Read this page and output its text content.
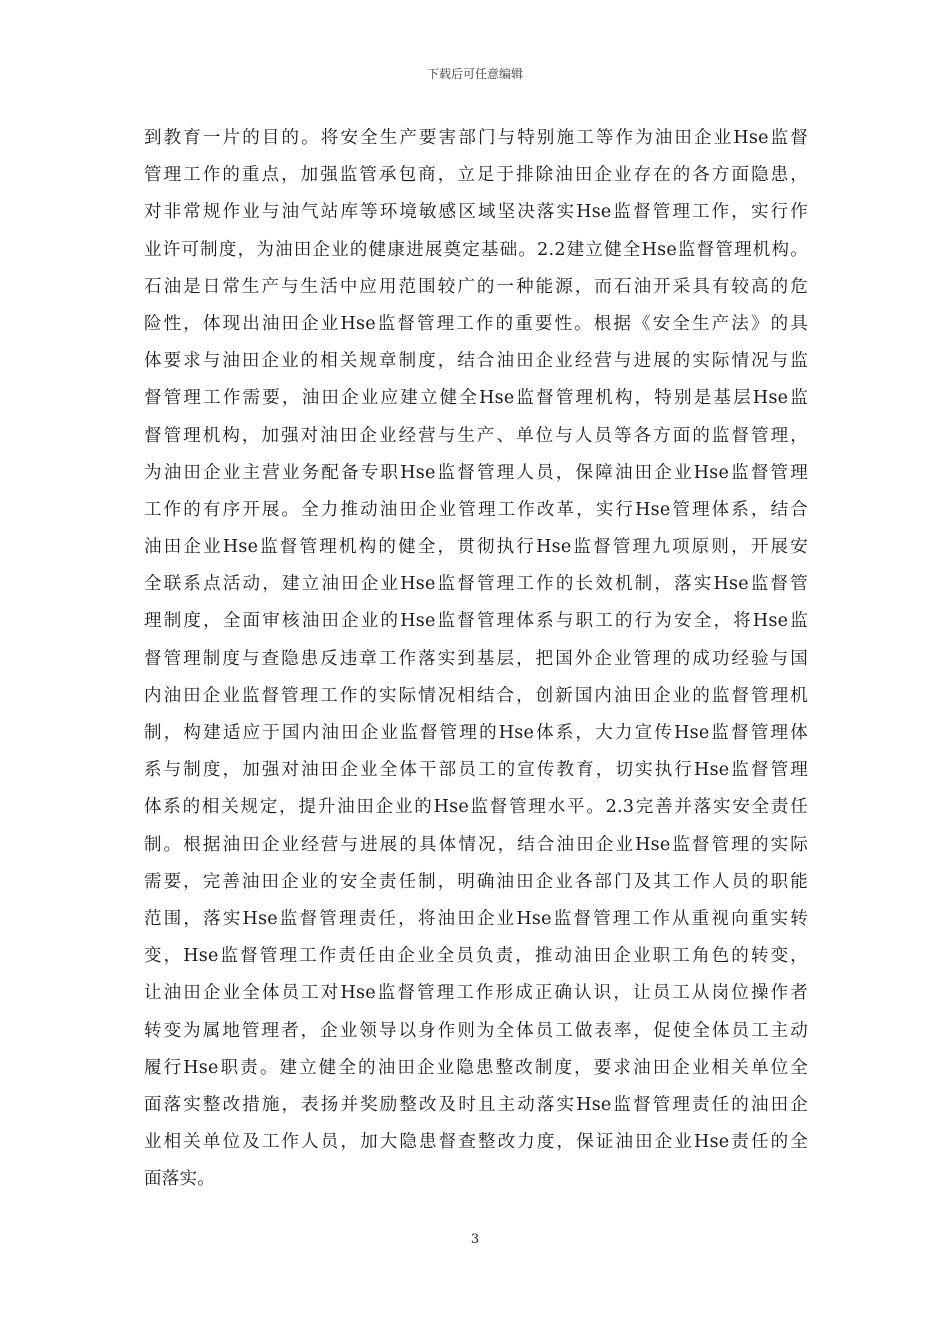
下载后可任意编辑
到教育一片的目的。将安全生产要害部门与特别施工等作为油田企业Hse监督
管理工作的重点，加强监管承包商，立足于排除油田企业存在的各方面隐患，
对非常规作业与油气站库等环境敏感区域坚决落实Hse监督管理工作，实行作
业许可制度，为油田企业的健康进展奠定基础。2.2建立健全Hse监督管理机构。
石油是日常生产与生活中应用范围较广的一种能源，而石油开采具有较高的危
险性，体现出油田企业Hse监督管理工作的重要性。根据《安全生产法》的具
体要求与油田企业的相关规章制度，结合油田企业经营与进展的实际情况与监
督管理工作需要，油田企业应建立健全Hse监督管理机构，特别是基层Hse监
督管理机构，加强对油田企业经营与生产、单位与人员等各方面的监督管理，
为油田企业主营业务配备专职Hse监督管理人员，保障油田企业Hse监督管理
工作的有序开展。全力推动油田企业管理工作改革，实行Hse管理体系，结合
油田企业Hse监督管理机构的健全，贯彻执行Hse监督管理九项原则，开展安
全联系点活动，建立油田企业Hse监督管理工作的长效机制，落实Hse监督管
理制度，全面审核油田企业的Hse监督管理体系与职工的行为安全，将Hse监
督管理制度与查隐患反违章工作落实到基层，把国外企业管理的成功经验与国
内油田企业监督管理工作的实际情况相结合，创新国内油田企业的监督管理机
制，构建适应于国内油田企业监督管理的Hse体系，大力宣传Hse监督管理体
系与制度，加强对油田企业全体干部员工的宣传教育，切实执行Hse监督管理
体系的相关规定，提升油田企业的Hse监督管理水平。2.3完善并落实安全责任
制。根据油田企业经营与进展的具体情况，结合油田企业Hse监督管理的实际
需要，完善油田企业的安全责任制，明确油田企业各部门及其工作人员的职能
范围，落实Hse监督管理责任，将油田企业Hse监督管理工作从重视向重实转
变，Hse监督管理工作责任由企业全员负责，推动油田企业职工角色的转变，
让油田企业全体员工对Hse监督管理工作形成正确认识，让员工从岗位操作者
转变为属地管理者，企业领导以身作则为全体员工做表率，促使全体员工主动
履行Hse职责。建立健全的油田企业隐患整改制度，要求油田企业相关单位全
面落实整改措施，表扬并奖励整改及时且主动落实Hse监督管理责任的油田企
业相关单位及工作人员，加大隐患督查整改力度，保证油田企业Hse责任的全
面落实。
3
